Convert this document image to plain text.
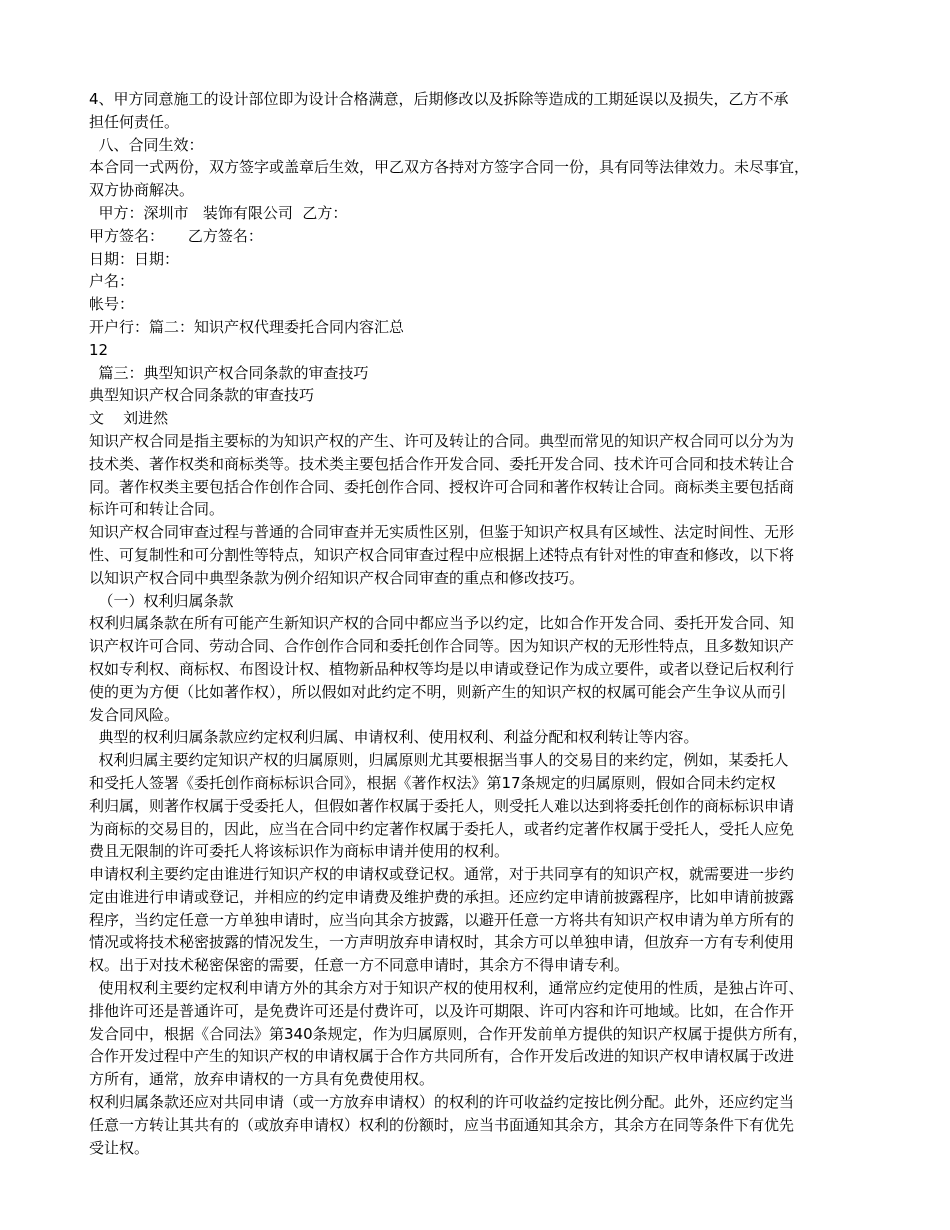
4、甲方同意施工的设计部位即为设计合格满意，后期修改以及拆除等造成的工期延误以及损失，乙方不承
担任何责任。
八、合同生效：
本合同一式两份，双方签字或盖章后生效，甲乙双方各持对方签字合同一份，具有同等法律效力。未尽事宜，
双方协商解决。
甲方：深圳市   装饰有限公司  乙方：
甲方签名：     乙方签名：
日期：日期：
户名：
帐号：
开户行：篇二：知识产权代理委托合同内容汇总
12
篇三：典型知识产权合同条款的审查技巧
典型知识产权合同条款的审查技巧
文    刘进然
知识产权合同是指主要标的为知识产权的产生、许可及转让的合同。典型而常见的知识产权合同可以分为为
技术类、著作权类和商标类等。技术类主要包括合作开发合同、委托开发合同、技术许可合同和技术转让合
同。著作权类主要包括合作创作合同、委托创作合同、授权许可合同和著作权转让合同。商标类主要包括商
标许可和转让合同。
知识产权合同审查过程与普通的合同审查并无实质性区别，但鉴于知识产权具有区域性、法定时间性、无形
性、可复制性和可分割性等特点，知识产权合同审查过程中应根据上述特点有针对性的审查和修改，以下将
以知识产权合同中典型条款为例介绍知识产权合同审查的重点和修改技巧。
（一）权利归属条款
权利归属条款在所有可能产生新知识产权的合同中都应当予以约定，比如合作开发合同、委托开发合同、知
识产权许可合同、劳动合同、合作创作合同和委托创作合同等。因为知识产权的无形性特点，且多数知识产
权如专利权、商标权、布图设计权、植物新品种权等均是以申请或登记作为成立要件，或者以登记后权利行
使的更为方便（比如著作权），所以假如对此约定不明，则新产生的知识产权的权属可能会产生争议从而引
发合同风险。
典型的权利归属条款应约定权利归属、申请权利、使用权利、利益分配和权利转让等内容。
权利归属主要约定知识产权的归属原则，归属原则尤其要根据当事人的交易目的来约定，例如，某委托人
和受托人签署《委托创作商标标识合同》，根据《著作权法》第17条规定的归属原则，假如合同未约定权
利归属，则著作权属于受委托人，但假如著作权属于委托人，则受托人难以达到将委托创作的商标标识申请
为商标的交易目的，因此，应当在合同中约定著作权属于委托人，或者约定著作权属于受托人，受托人应免
费且无限制的许可委托人将该标识作为商标申请并使用的权利。
申请权利主要约定由谁进行知识产权的申请权或登记权。通常，对于共同享有的知识产权，就需要进一步约
定由谁进行申请或登记，并相应的约定申请费及维护费的承担。还应约定申请前披露程序，比如申请前披露
程序，当约定任意一方单独申请时，应当向其余方披露，以避开任意一方将共有知识产权申请为单方所有的
情况或将技术秘密披露的情况发生，一方声明放弃申请权时，其余方可以单独申请，但放弃一方有专利使用
权。出于对技术秘密保密的需要，任意一方不同意申请时，其余方不得申请专利。
使用权利主要约定权利申请方外的其余方对于知识产权的使用权利，通常应约定使用的性质，是独占许可、
排他许可还是普通许可，是免费许可还是付费许可，以及许可期限、许可内容和许可地域。比如，在合作开
发合同中，根据《合同法》第340条规定，作为归属原则，合作开发前单方提供的知识产权属于提供方所有，
合作开发过程中产生的知识产权的申请权属于合作方共同所有，合作开发后改进的知识产权申请权属于改进
方所有，通常，放弃申请权的一方具有免费使用权。
权利归属条款还应对共同申请（或一方放弃申请权）的权利的许可收益约定按比例分配。此外，还应约定当
任意一方转让其共有的（或放弃申请权）权利的份额时，应当书面通知其余方，其余方在同等条件下有优先
受让权。
